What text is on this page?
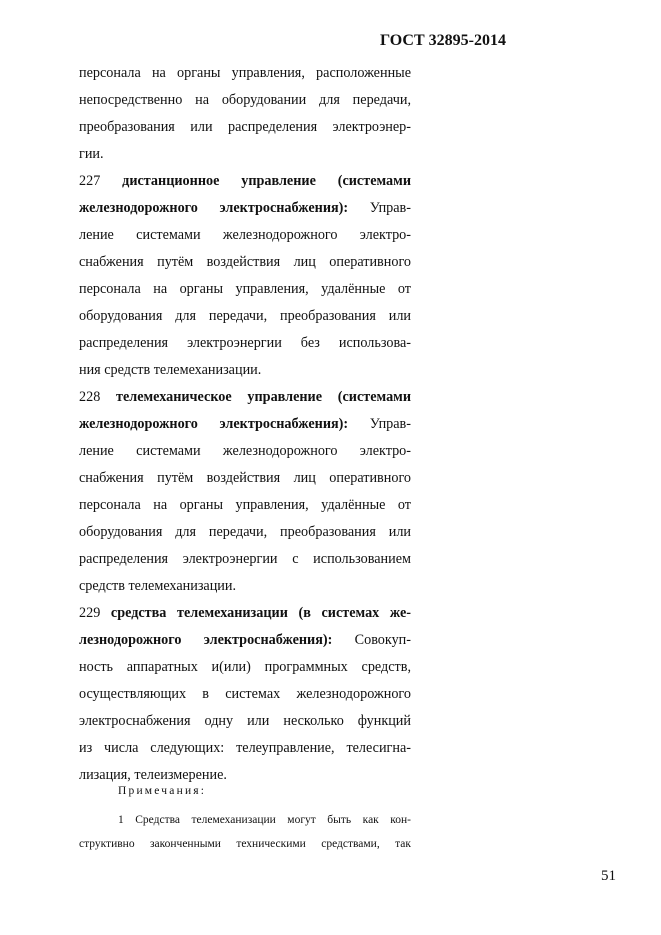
ГОСТ 32895-2014
персонала на органы управления, расположенные
непосредственно на оборудовании для передачи,
преобразования или распределения электроэнер-
гии.
227 дистанционное управление (системами
железнодорожного электроснабжения): Управ-
ление системами железнодорожного электро-
снабжения путём воздействия лиц оперативного
персонала на органы управления, удалённые от
оборудования для передачи, преобразования или
распределения электроэнергии без использова-
ния средств телемеханизации.
228 телемеханическое управление (системами
железнодорожного электроснабжения): Управ-
ление системами железнодорожного электро-
снабжения путём воздействия лиц оперативного
персонала на органы управления, удалённые от
оборудования для передачи, преобразования или
распределения электроэнергии с использованием
средств телемеханизации.
229 средства телемеханизации (в системах же-
лезнодорожного электроснабжения): Совокуп-
ность аппаратных и(или) программных средств,
осуществляющих в системах железнодорожного
электроснабжения одну или несколько функций
из числа следующих: телеуправление, телесигна-
лизация, телеизмерение.
Примечания:
1 Средства телемеханизации могут быть как кон-
структивно законченными техническими средствами, так
51
